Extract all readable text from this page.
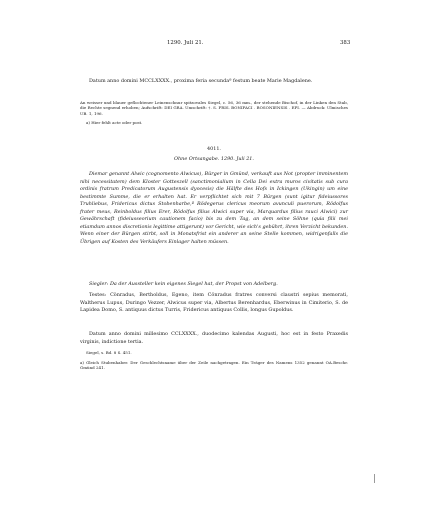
1290. Juli 21.	383

Datum anno domini MCCLXXXX., proxima feria secundaª festum beate Marie Magdalene.

An weisser und blauer geflochtener Leinenschnur spitzovales Siegel, c. 56, 36 mm., der stehende Bischof, in der Linken den Stab, die Rechte segnend erhoben; Aufschrift: DEI GRA. Umschrift: †. S. FRIS. BONIFACI . BOSONIENSIS . EPI. — Abdruck: Ulmisches UB. 1, 196.

a) Hier fehlt acte oder post.

4011.

Ohne Ortsangabe. 1290. Juli 21.

Diemar genannt Alwic (cognomento Alwicus), Bürger in Gmünd, verkauft aus Not (propter imminentem nihi necessitatem) dem Kloster Gotteszell (sanctimonialium in Cella Dei extra muros civitatis sub cura ordinis fratrum Predicatorum Augustensis dyocesis) die Hälfte des Hofs in Ickingen (Ukingin) um eine bestimmte Summe, die er erhalten hat. Er verpflichtet sich mit 7 Bürgen (sunt igitur fideiussores Truhliebus, Fridericus dictus Stobenharbe,ª Rödegerus clericus meorum avunculi puerorum, Rödolfus frater meus, Reinboldus filius Erer, Rödolfus filius Alwici super via, Marquardus filius rauci Alwici) zur Gewährschaft (fideiusseorium cautionem facio) bis zu dem Tag, an dem seine Söhne (quia filii mei etiamdum annos discretionis legittime attigerunt) vor Gericht, wie sich's gebührt, ihren Verzicht bekunden. Wenn einer der Bürgen stirbt, soll in Monatsfrist ein anderer an seine Stelle kommen, widrigenfalls die Übrigen auf Kosten des Verkäufers Einlager halten müssen.

Siegler: Da der Aussteller kein eigenes Siegel hat, der Propst von Adelberg.

Testes: Cönradus, Bertholdus, Egeno, item Cönradus fratres conversi claustri sepius memorati, Waltherus Lupus, Duringo Vezzer, Alwicus super via, Albertus Berenhardus, Eberwinus in Cimiterio, S. de Lapidea Domo, S. antiquus dictus Turris, Fridericus antiquus Collis, longus Gupoldus.

Datum anno domini millesimo CCLXXXX., duodecimo kalendas Augusti, hoc est in festo Praxedis virginis, indictione tertia.

Siegel, s. Bd. 8 S. 451.

a) Gleich Stubenhaber. Der Geschlechtsname über der Zeile nachgetragen. Ein Träger des Namens 1352 genannt OA.Beschr. Gmünd 241.
